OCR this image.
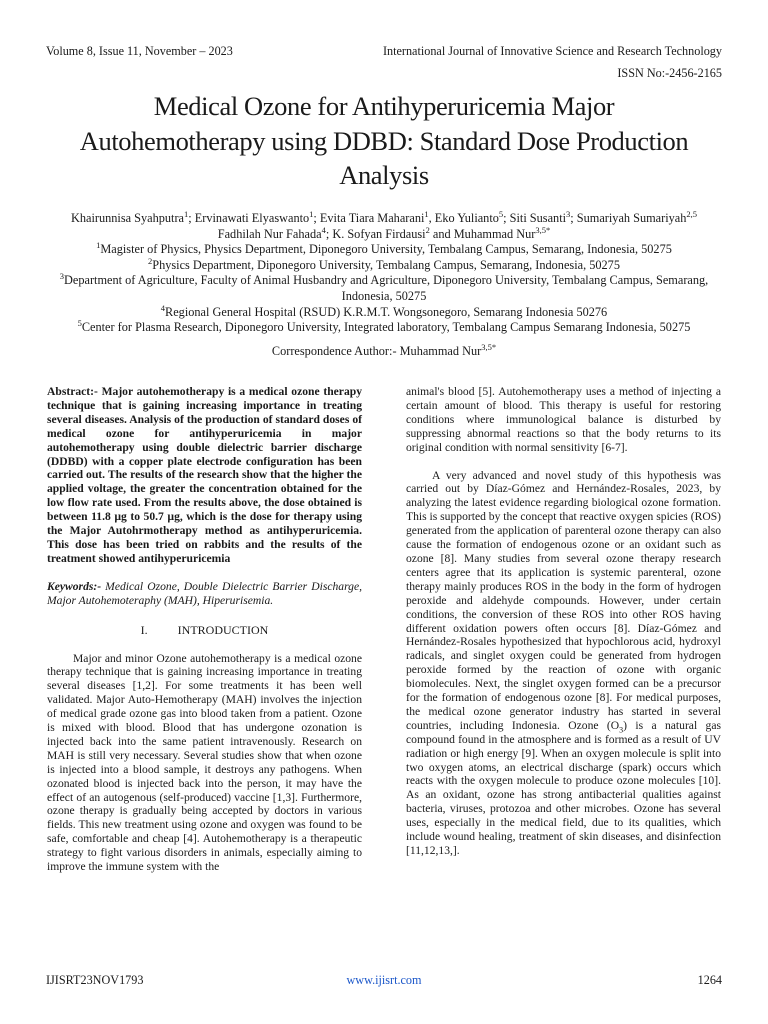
Volume 8, Issue 11, November – 2023	International Journal of Innovative Science and Research Technology
ISSN No:-2456-2165
Medical Ozone for Antihyperuricemia Major Autohemotherapy using DDBD: Standard Dose Production Analysis
Khairunnisa Syahputra$^1$; Ervinawati Elyaswanto$^1$; Evita Tiara Maharani$^1$, Eko Yulianto$^5$; Siti Susanti$^3$; Sumariyah Sumariyah$^{2,5}$
Fadhilah Nur Fahada$^4$; K. Sofyan Firdausi$^2$ and Muhammad Nur$^{3,5*}$
$^1$Magister of Physics, Physics Department, Diponegoro University, Tembalang Campus, Semarang, Indonesia, 50275
$^2$Physics Department, Diponegoro University, Tembalang Campus, Semarang, Indonesia, 50275
$^3$Department of Agriculture, Faculty of Animal Husbandry and Agriculture, Diponegoro University, Tembalang Campus, Semarang, Indonesia, 50275
$^4$Regional General Hospital (RSUD) K.R.M.T. Wongsonegoro, Semarang Indonesia 50276
$^5$Center for Plasma Research, Diponegoro University, Integrated laboratory, Tembalang Campus Semarang Indonesia, 50275
Correspondence Author:- Muhammad Nur$^{3,5*}$

Abstract:- Major autohemotherapy is a medical ozone therapy technique that is gaining increasing importance in treating several diseases. Analysis of the production of standard doses of medical ozone for antihyperuricemia in major autohemotherapy using double dielectric barrier discharge (DDBD) with a copper plate electrode configuration has been carried out. The results of the research show that the higher the applied voltage, the greater the concentration obtained for the low flow rate used. From the results above, the dose obtained is between 11.8 µg to 50.7 µg, which is the dose for therapy using the Major Autohrmotherapy method as antihyperuricemia. This dose has been tried on rabbits and the results of the treatment showed antihyperuricemia

Keywords:- Medical Ozone, Double Dielectric Barrier Discharge, Major Autohemoteraphy (MAH), Hiperurisemia.

I.	INTRODUCTION

Major and minor Ozone autohemotherapy is a medical ozone therapy technique that is gaining increasing importance in treating several diseases [1,2]. For some treatments it has been well validated. Major Auto-Hemotherapy (MAH) involves the injection of medical grade ozone gas into blood taken from a patient. Ozone is mixed with blood. Blood that has undergone ozonation is injected back into the same patient intravenously. Research on MAH is still very necessary. Several studies show that when ozone is injected into a blood sample, it destroys any pathogens. When ozonated blood is injected back into the person, it may have the effect of an autogenous (self-produced) vaccine [1,3]. Furthermore, ozone therapy is gradually being accepted by doctors in various fields. This new treatment using ozone and oxygen was found to be safe, comfortable and cheap [4]. Autohemotherapy is a therapeutic strategy to fight various disorders in animals, especially aiming to improve the immune system with the

animal's blood [5]. Autohemotherapy uses a method of injecting a certain amount of blood. This therapy is useful for restoring conditions where immunological balance is disturbed by suppressing abnormal reactions so that the body returns to its original condition with normal sensitivity [6-7].

A very advanced and novel study of this hypothesis was carried out by Díaz-Gómez and Hernández-Rosales, 2023, by analyzing the latest evidence regarding biological ozone formation. This is supported by the concept that reactive oxygen spicies (ROS) generated from the application of parenteral ozone therapy can also cause the formation of endogenous ozone or an oxidant such as ozone [8]. Many studies from several ozone therapy research centers agree that its application is systemic parenteral, ozone therapy mainly produces ROS in the body in the form of hydrogen peroxide and aldehyde compounds. However, under certain conditions, the conversion of these ROS into other ROS having different oxidation powers often occurs [8]. Díaz-Gómez and Hernández-Rosales hypothesized that hypochlorous acid, hydroxyl radicals, and singlet oxygen could be generated from hydrogen peroxide formed by the reaction of ozone with organic biomolecules. Next, the singlet oxygen formed can be a precursor for the formation of endogenous ozone [8]. For medical purposes, the medical ozone generator industry has started in several countries, including Indonesia. Ozone $(O_3)$ is a natural gas compound found in the atmosphere and is formed as a result of UV radiation or high energy [9]. When an oxygen molecule is split into two oxygen atoms, an electrical discharge (spark) occurs which reacts with the oxygen molecule to produce ozone molecules [10]. As an oxidant, ozone has strong antibacterial qualities against bacteria, viruses, protozoa and other microbes. Ozone has several uses, especially in the medical field, due to its qualities, which include wound healing, treatment of skin diseases, and disinfection [11,12,13,].

IJISRT23NOV1793	www.ijisrt.com	1264
